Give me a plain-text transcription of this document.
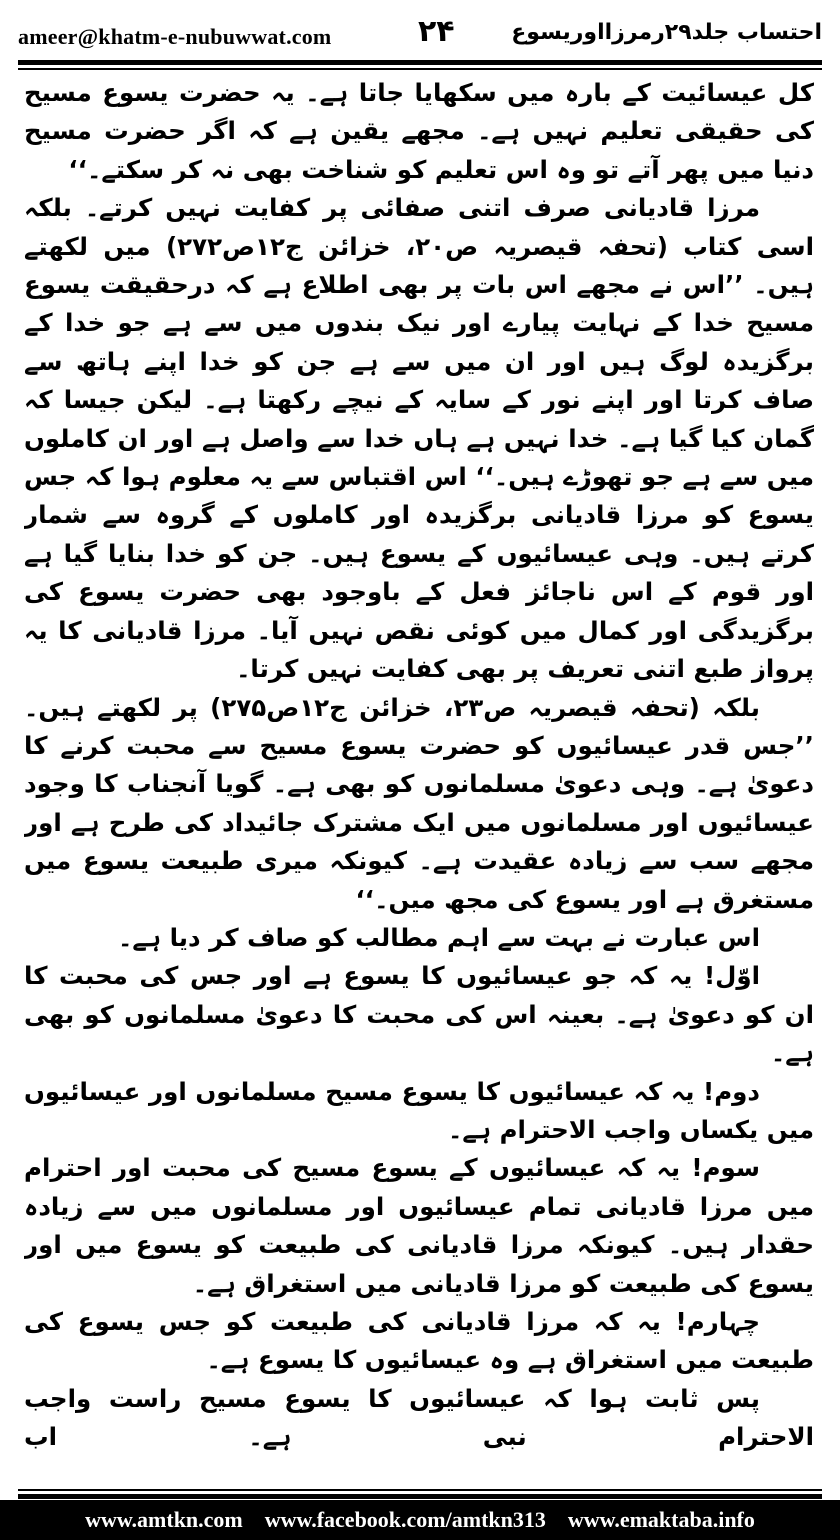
ameer@khatm-e-nubuwwat.com	۲۴	احتساب جلد۲۹رمرزااوریسوع

کل عیسائیت کے بارہ میں سکھایا جاتا ہے۔ یہ حضرت یسوع مسیح کی حقیقی تعلیم نہیں ہے۔ مجھے یقین ہے کہ اگر حضرت مسیح دنیا میں پھر آتے تو وہ اس تعلیم کو شناخت بھی نہ کر سکتے۔‘‘

مرزا قادیانی صرف اتنی صفائی پر کفایت نہیں کرتے۔ بلکہ اسی کتاب (تحفہ قیصریہ ص۲۰، خزائن ج۱۲ص۲۷۲) میں لکھتے ہیں۔ ’’اس نے مجھے اس بات پر بھی اطلاع ہے کہ درحقیقت یسوع مسیح خدا کے نہایت پیارے اور نیک بندوں میں سے ہے جو خدا کے برگزیدہ لوگ ہیں اور ان میں سے ہے جن کو خدا اپنے ہاتھ سے صاف کرتا اور اپنے نور کے سایہ کے نیچے رکھتا ہے۔ لیکن جیسا کہ گمان کیا گیا ہے۔ خدا نہیں ہے ہاں خدا سے واصل ہے اور ان کاملوں میں سے ہے جو تھوڑے ہیں۔‘‘ اس اقتباس سے یہ معلوم ہوا کہ جس یسوع کو مرزا قادیانی برگزیدہ اور کاملوں کے گروہ سے شمار کرتے ہیں۔ وہی عیسائیوں کے یسوع ہیں۔ جن کو خدا بنایا گیا ہے اور قوم کے اس ناجائز فعل کے باوجود بھی حضرت یسوع کی برگزیدگی اور کمال میں کوئی نقص نہیں آیا۔ مرزا قادیانی کا یہ پرواز طبع اتنی تعریف پر بھی کفایت نہیں کرتا۔

بلکہ (تحفہ قیصریہ ص۲۳، خزائن ج۱۲ص۲۷۵) پر لکھتے ہیں۔ ’’جس قدر عیسائیوں کو حضرت یسوع مسیح سے محبت کرنے کا دعویٰ ہے۔ وہی دعویٰ مسلمانوں کو بھی ہے۔ گویا آنجناب کا وجود عیسائیوں اور مسلمانوں میں ایک مشترک جائیداد کی طرح ہے اور مجھے سب سے زیادہ عقیدت ہے۔ کیونکہ میری طبیعت یسوع میں مستغرق ہے اور یسوع کی مجھ میں۔‘‘

اس عبارت نے بہت سے اہم مطالب کو صاف کر دیا ہے۔

اوّل! یہ کہ جو عیسائیوں کا یسوع ہے اور جس کی محبت کا ان کو دعویٰ ہے۔ بعینہ اس کی محبت کا دعویٰ مسلمانوں کو بھی ہے۔

دوم! یہ کہ عیسائیوں کا یسوع مسیح مسلمانوں اور عیسائیوں میں یکساں واجب الاحترام ہے۔

سوم! یہ کہ عیسائیوں کے یسوع مسیح کی محبت اور احترام میں مرزا قادیانی تمام عیسائیوں اور مسلمانوں میں سے زیادہ حقدار ہیں۔ کیونکہ مرزا قادیانی کی طبیعت کو یسوع میں اور یسوع کی طبیعت کو مرزا قادیانی میں استغراق ہے۔

چہارم! یہ کہ مرزا قادیانی کی طبیعت کو جس یسوع کی طبیعت میں استغراق ہے وہ عیسائیوں کا یسوع ہے۔

پس ثابت ہوا کہ عیسائیوں کا یسوع مسیح راست واجب الاحترام نبی ہے۔ اب

www.amtkn.com www.facebook.com/amtkn313 www.emaktaba.info
